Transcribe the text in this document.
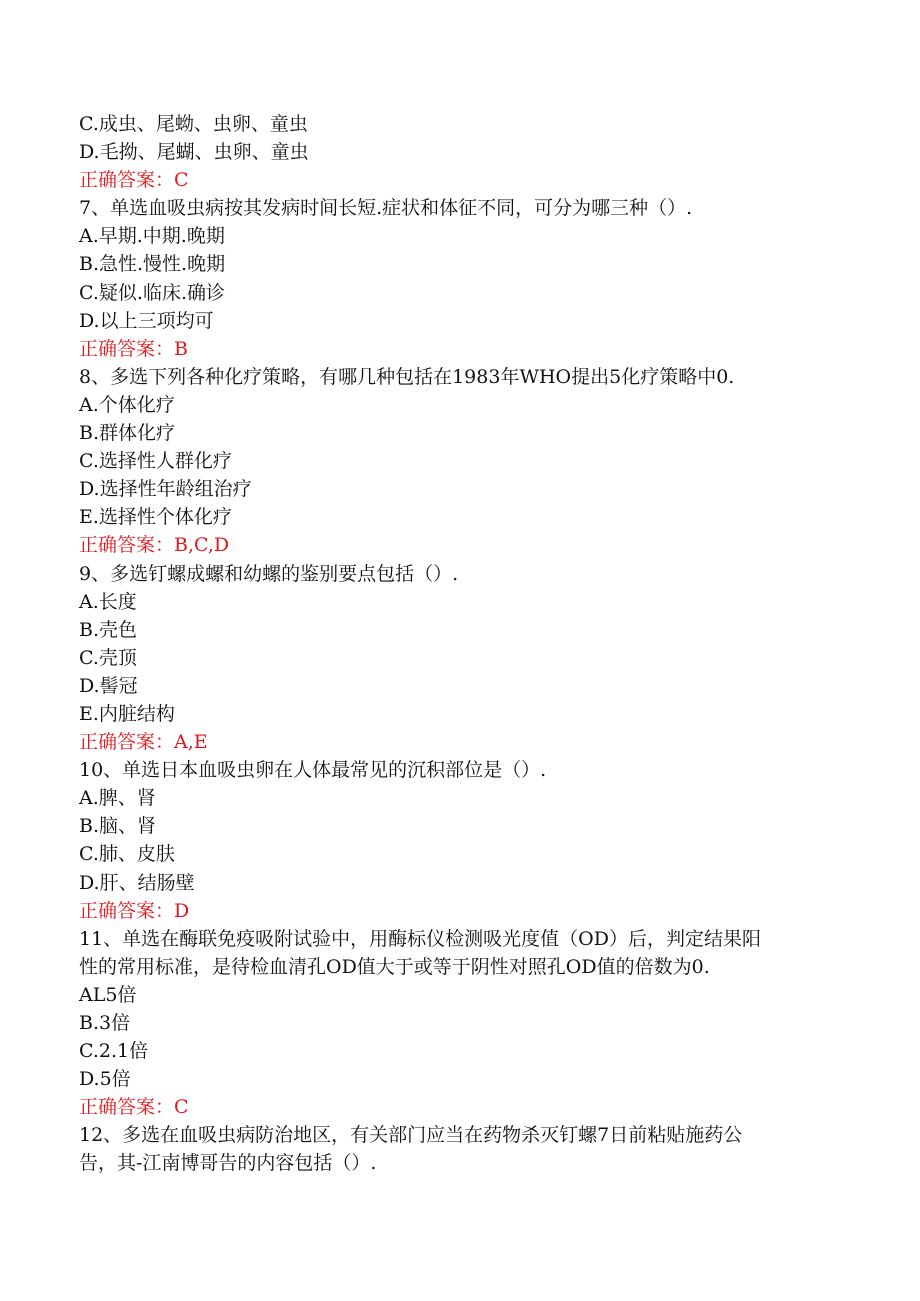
C.成虫、尾蚴、虫卵、童虫
D.毛拗、尾蝴、虫卵、童虫
正确答案：C
7、单选血吸虫病按其发病时间长短.症状和体征不同，可分为哪三种（）.
A.早期.中期.晚期
B.急性.慢性.晚期
C.疑似.临床.确诊
D.以上三项均可
正确答案：B
8、多选下列各种化疗策略，有哪几种包括在1983年WHO提出5化疗策略中0.
A.个体化疗
B.群体化疗
C.选择性人群化疗
D.选择性年龄组治疗
E.选择性个体化疗
正确答案：B,C,D
9、多选钉螺成螺和幼螺的鉴别要点包括（）.
A.长度
B.壳色
C.壳顶
D.髻冠
E.内脏结构
正确答案：A,E
10、单选日本血吸虫卵在人体最常见的沉积部位是（）.
A.脾、肾
B.脑、肾
C.肺、皮肤
D.肝、结肠壁
正确答案：D
11、单选在酶联免疫吸附试验中，用酶标仪检测吸光度值（OD）后，判定结果阳
性的常用标准，是待检血清孔OD值大于或等于阴性对照孔OD值的倍数为0.
AL5倍
B.3倍
C.2.1倍
D.5倍
正确答案：C
12、多选在血吸虫病防治地区，有关部门应当在药物杀灭钉螺7日前粘贴施药公
告，其-江南博哥告的内容包括（）.
